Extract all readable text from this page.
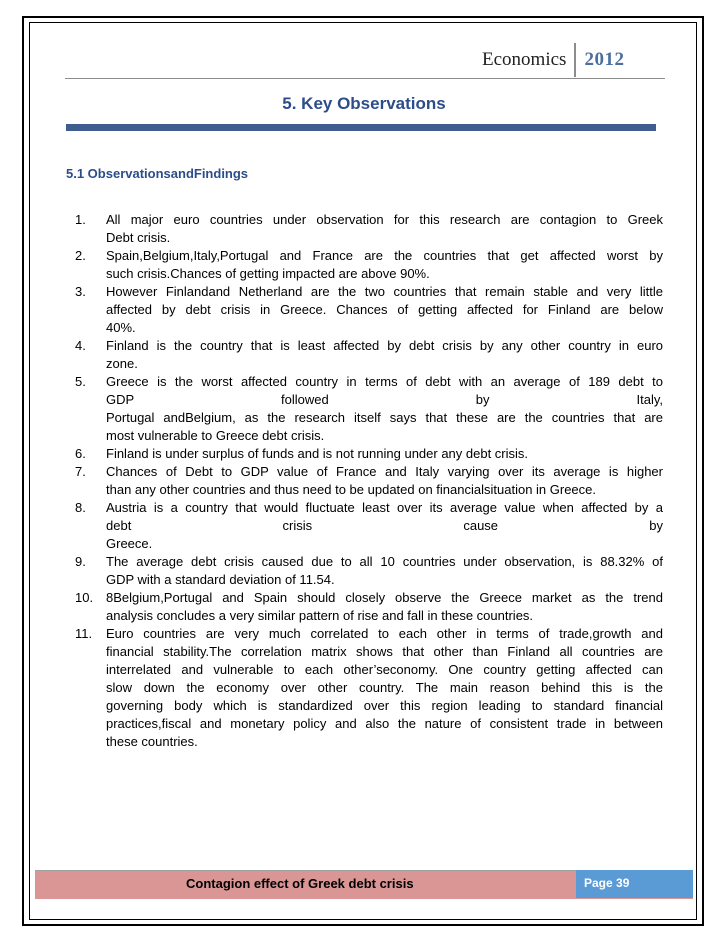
Economics 2012
5. Key Observations
5.1 ObservationsandFindings
1.	All major euro countries under observation for this research are contagion to Greek
Debt crisis.
2.	Spain,Belgium,Italy,Portugal and France are the countries that get affected worst by
such crisis.Chances of getting impacted are above 90%.
3.	However Finlandand Netherland are the two countries that remain stable and very little
affected by debt crisis in Greece. Chances of getting affected for Finland are below
40%.
4.	Finland is the country that is least affected by debt crisis by any other country in euro
zone.
5.	Greece is the worst affected country in terms of debt with an average of 189 debt to
GDP followed by Italy,
Portugal andBelgium, as the research itself says that these are the countries that are
most vulnerable to Greece debt crisis.
6.	Finland is under surplus of funds and is not running under any debt crisis.
7.	Chances of Debt to GDP value of France and Italy varying over its average is higher
than any other countries and thus need to be updated on financialsituation in Greece.
8.	Austria is a country that would fluctuate least over its average value when affected by a
debt crisis cause by
Greece.
9.	The average debt crisis caused due to all 10 countries under observation, is 88.32% of
GDP with a standard deviation of 11.54.
10. 8Belgium,Portugal and Spain should closely observe the Greece market as the trend
analysis concludes a very similar pattern of rise and fall in these countries.
11.	Euro countries are very much correlated to each other in terms of trade,growth and
financial stability.The correlation matrix shows that other than Finland all countries are
interrelated and vulnerable to each other’seconomy. One country getting affected can
slow down the economy over other country. The main reason behind this is the
governing body which is standardized over this region leading to standard financial
practices,fiscal and monetary policy and also the nature of consistent trade in between
these countries.
Contagion effect of Greek debt crisis	Page 39
